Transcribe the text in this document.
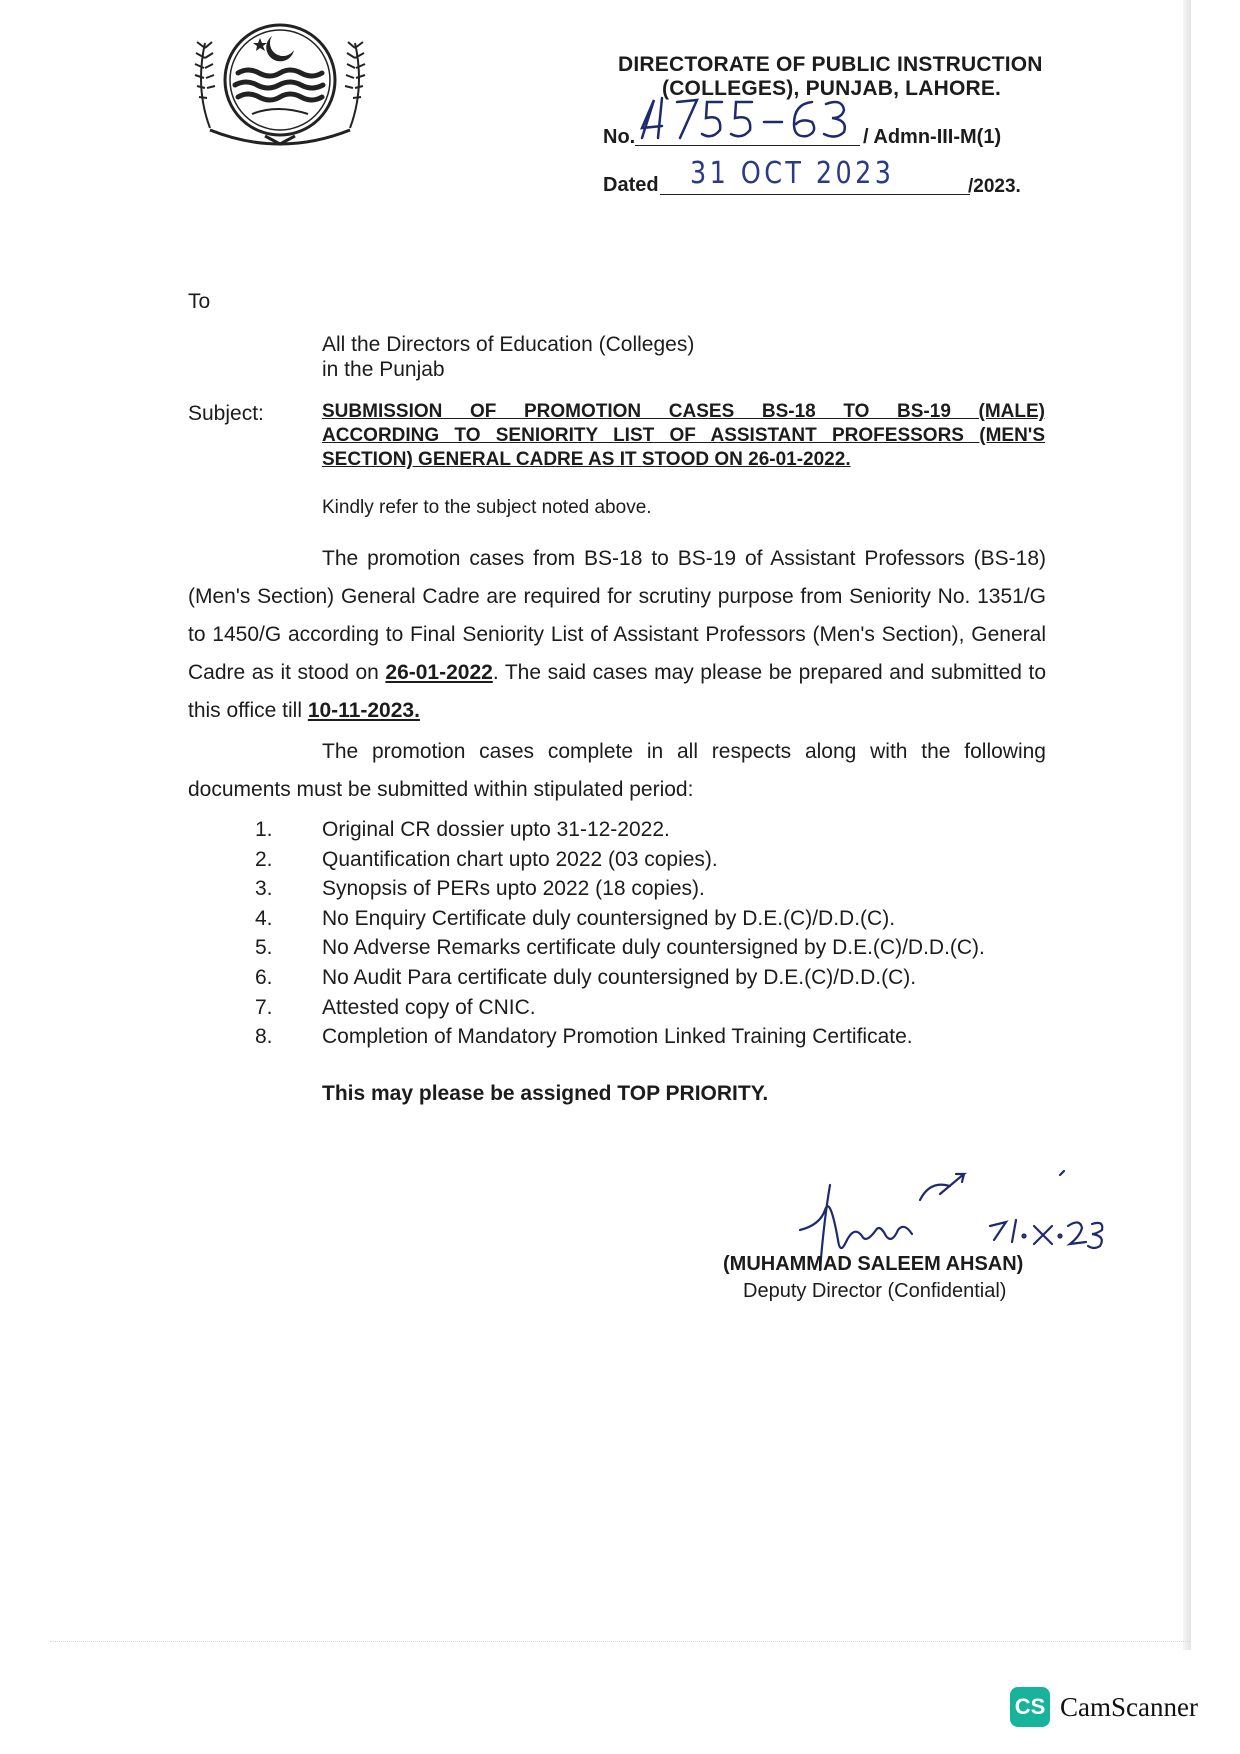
DIRECTORATE OF PUBLIC INSTRUCTION
(COLLEGES), PUNJAB, LAHORE.
No.	/ Admn-III-M(1)
Dated 31 OCT 2023	/2023.
To
All the Directors of Education (Colleges)
in the Punjab
Subject:	SUBMISSION OF PROMOTION CASES BS-18 TO BS-19 (MALE)
ACCORDING TO SENIORITY LIST OF ASSISTANT PROFESSORS (MEN'S
SECTION) GENERAL CADRE AS IT STOOD ON 26-01-2022.
Kindly refer to the subject noted above.
The promotion cases from BS-18 to BS-19 of Assistant Professors (BS-18) (Men's Section) General Cadre are required for scrutiny purpose from Seniority No. 1351/G to 1450/G according to Final Seniority List of Assistant Professors (Men's Section), General Cadre as it stood on 26-01-2022. The said cases may please be prepared and submitted to this office till 10-11-2023.
The promotion cases complete in all respects along with the following documents must be submitted within stipulated period:
1.	Original CR dossier upto 31-12-2022.
2.	Quantification chart upto 2022 (03 copies).
3.	Synopsis of PERs upto 2022 (18 copies).
4.	No Enquiry Certificate duly countersigned by D.E.(C)/D.D.(C).
5.	No Adverse Remarks certificate duly countersigned by D.E.(C)/D.D.(C).
6.	No Audit Para certificate duly countersigned by D.E.(C)/D.D.(C).
7.	Attested copy of CNIC.
8.	Completion of Mandatory Promotion Linked Training Certificate.
This may please be assigned TOP PRIORITY.
(MUHAMMAD SALEEM AHSAN)
Deputy Director (Confidential)
CS CamScanner
